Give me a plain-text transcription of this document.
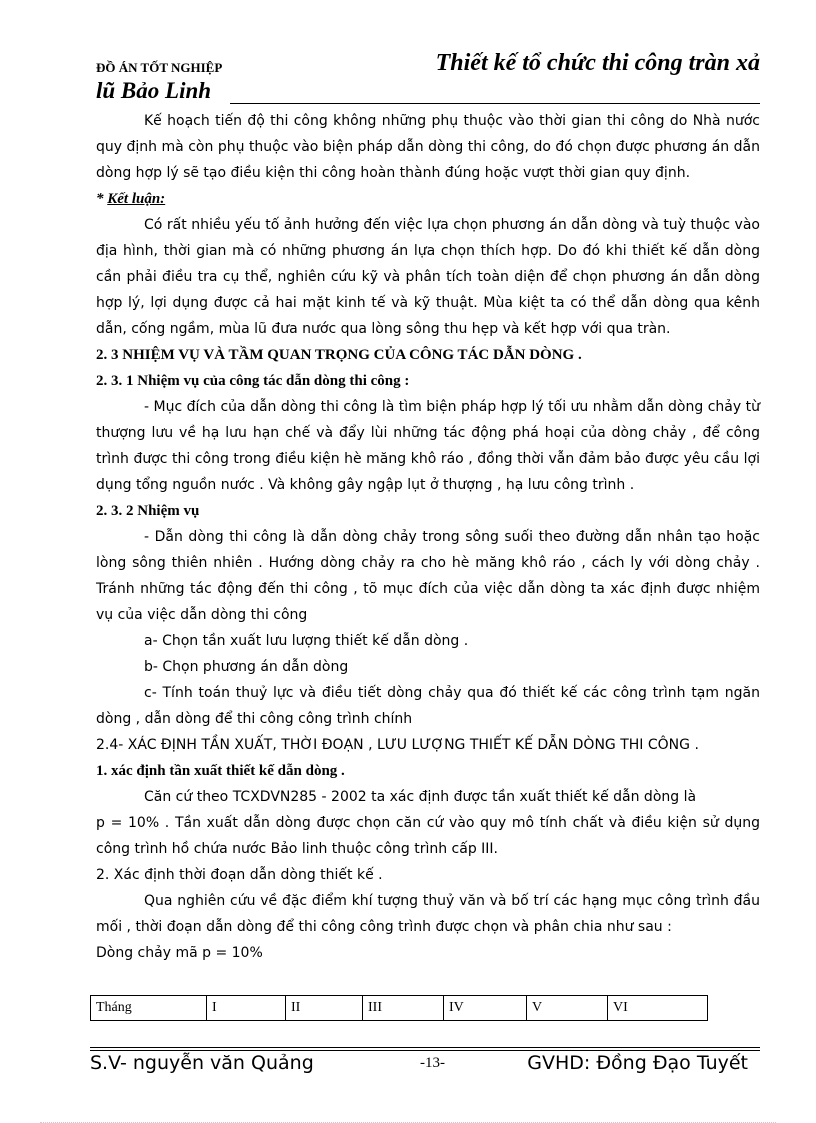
ĐỒ ÁN TỐT NGHIỆP	Thiết kế tổ chức thi công tràn xả
lũ Bảo Linh

Kế hoạch tiến độ thi công không những phụ thuộc vào thời gian thi công do Nhà nước quy định mà còn phụ thuộc vào biện pháp dẫn dòng thi công, do đó chọn được phương án dẫn dòng hợp lý sẽ tạo điều kiện thi công hoàn thành đúng hoặc vượt thời gian quy định.

* Kết luận:

Có rất nhiều yếu tố ảnh hưởng đến việc lựa chọn phương án dẫn dòng và tuỳ thuộc vào địa hình, thời gian mà có những phương án lựa chọn thích hợp. Do đó khi thiết kế dẫn dòng cần phải điều tra cụ thể, nghiên cứu kỹ và phân tích toàn diện để chọn phương án dẫn dòng hợp lý, lợi dụng được cả hai mặt kinh tế và kỹ thuật. Mùa kiệt ta có thể dẫn dòng qua kênh dẫn, cống ngầm, mùa lũ đưa nước qua lòng sông thu hẹp và kết hợp với qua tràn.

2. 3 NHIỆM VỤ VÀ TẦM QUAN TRỌNG CỦA CÔNG TÁC DẪN DÒNG .

2. 3. 1 Nhiệm vụ của công tác dẫn dòng thi công :

- Mục đích của dẫn dòng thi công là tìm biện pháp hợp lý tối ưu nhằm dẫn dòng chảy từ thượng lưu về hạ lưu hạn chế và đẩy lùi những tác động phá hoại của dòng chảy , để công trình được thi công trong điều kiện hè măng khô ráo , đồng thời vẫn đảm bảo được yêu cầu lợi dụng tổng nguồn nước . Và không gây ngập lụt ở thượng , hạ lưu công trình .

2. 3. 2 Nhiệm vụ

- Dẫn dòng thi công là dẫn dòng chảy trong sông suối theo đường dẫn nhân tạo hoặc lòng sông thiên nhiên . Hướng dòng chảy ra cho hè măng khô ráo , cách ly với dòng chảy . Tránh những tác động đến thi công , tõ mục đích của việc dẫn dòng ta xác định được nhiệm vụ của việc dẫn dòng thi công

a- Chọn tần xuất lưu lượng thiết kế dẫn dòng .

b- Chọn phương án dẫn dòng

c- Tính toán thuỷ lực và điều tiết dòng chảy qua đó thiết kế các công trình tạm ngăn dòng , dẫn dòng để thi công công trình chính

2.4- XÁC ĐỊNH TẦN XUẤT, THỜI ĐOẠN , LƯU LƯỢNG THIẾT KẾ DẪN DÒNG THI CÔNG .

1. xác định tần xuất thiết kế dẫn dòng .

Căn cứ theo TCXDVN285 - 2002 ta xác định được tần xuất thiết kế dẫn dòng là

p = 10% . Tần xuất dẫn dòng được chọn căn cứ vào quy mô tính chất và điều kiện sử dụng công trình hồ chứa nước Bảo linh thuộc công trình cấp III.

2. Xác định thời đoạn dẫn dòng thiết kế .

Qua nghiên cứu về đặc điểm khí tượng thuỷ văn và bố trí các hạng mục công trình đầu mối , thời đoạn dẫn dòng để thi công công trình được chọn và phân chia như sau :

Dòng chảy mã p = 10%

Tháng	I	II	III	IV	V	VI
S.V- nguyễn văn Quảng	-13-	GVHD: Đồng Đạo Tuyết
